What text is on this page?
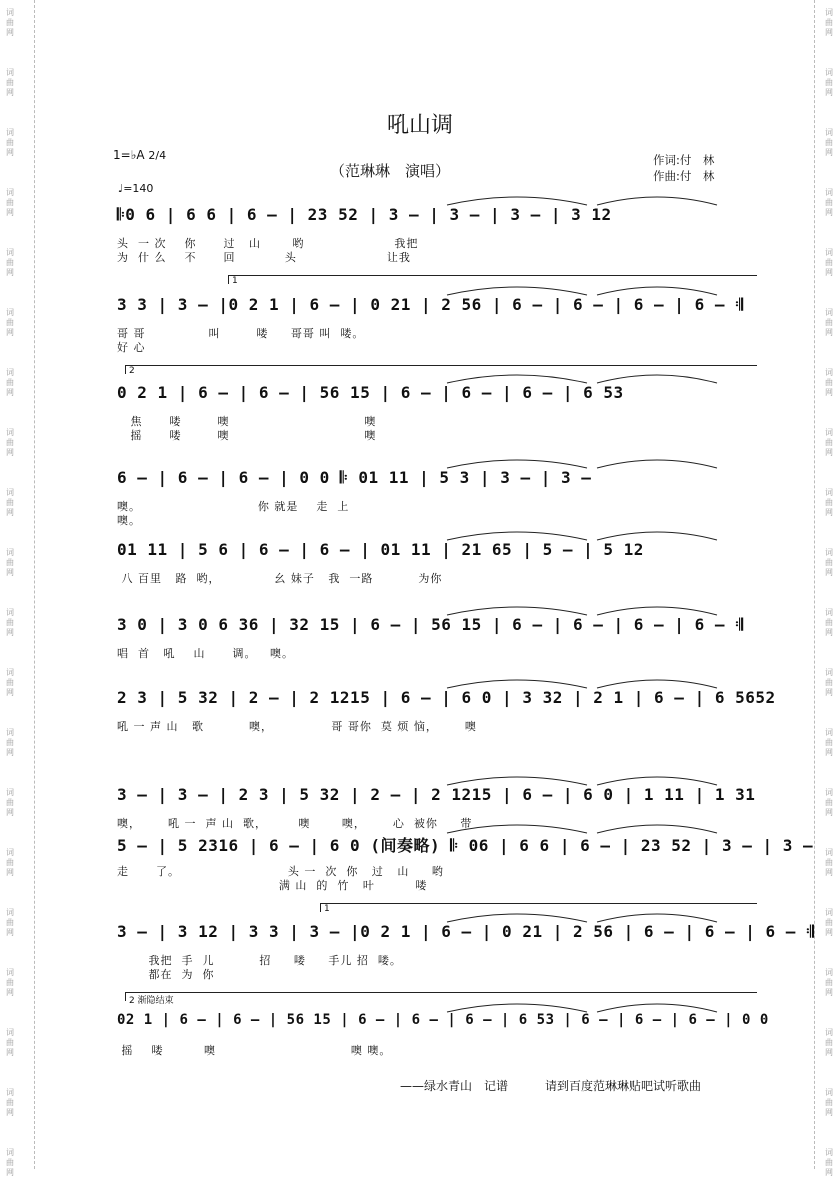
词
曲
网
词
曲
网
词
曲
网
词
曲
网
词
曲
网
词
曲
网
词
曲
网
词
曲
网
词
曲
网
词
曲
网
词
曲
网
词
曲
网
词
曲
网
词
曲
网
词
曲
网
词
曲
网
词
曲
网
词
曲
网
词
曲
网
词
曲
网
词
曲
网
词
曲
网
词
曲
网
词
曲
网
词
曲
网
词
曲
网
词
曲
网
词
曲
网
词
曲
网
词
曲
网
词
曲
网
词
曲
网
词
曲
网
词
曲
网
词
曲
网
词
曲
网
词
曲
网
词
曲
网
词
曲
网
词
曲
网
吼山调
（范琳琳　演唱）
作词:付　林
作曲:付　林
1=♭A 2/4
♩=140
𝄆0 6 | 6 6 | 6 — | 23 52 | 3 — | 3 — | 3 — | 3 12
头  一 次    你      过   山       哟                    我把
为  什 么    不      回           头                    让我
3 3 | 3 — |0 2 1 | 6 — | 0 21 | 2 56 | 6 — | 6 — | 6 — | 6 — 𝄇
哥 哥              叫        喽     哥哥 叫  喽。
好 心
0 2 1 | 6 — | 6 — | 56 15 | 6 — | 6 — | 6 — | 6 53
焦      喽        噢                              噢
摇      喽        噢                              噢
6 — | 6 — | 6 — | 0 0 𝄆 01 11 | 5 3 | 3 — | 3 —
噢。                          你 就是    走  上
噢。
01 11 | 5 6 | 6 — | 6 — | 01 11 | 21 65 | 5 — | 5 12
八 百里   路  哟，            幺 妹子   我  一路          为你
3 0 | 3 0 6 36 | 32 15 | 6 — | 56 15 | 6 — | 6 — | 6 — | 6 — 𝄇
唱  首   吼    山      调。   噢。
2 3 | 5 32 | 2 — | 2 1215 | 6 — | 6 0 | 3 32 | 2 1 | 6 — | 6 5652
吼 一 声 山   歌          噢，             哥 哥你  莫 烦 恼，      噢
3 — | 3 — | 2 3 | 5 32 | 2 — | 2 1215 | 6 — | 6 0 | 1 11 | 1 31
噢，      吼 一  声 山  歌，       噢       噢，      心  被你     带
5 — | 5 2316 | 6 — | 6 0 (间奏略) 𝄆 06 | 6 6 | 6 — | 23 52 | 3 — | 3 —
走      了。                        头 一  次  你   过   山     哟
满 山  的  竹   叶         喽
3 — | 3 12 | 3 3 | 3 — |0 2 1 | 6 — | 0 21 | 2 56 | 6 — | 6 — | 6 — 𝄇
我把  手  儿          招     喽     手儿 招  喽。
都在  为  你
02 1 | 6 — | 6 — | 56 15 | 6 — | 6 — | 6 — | 6 53 | 6 — | 6 — | 6 — | 0 0
摇    喽         噢                              噢 噢。
——绿水青山　记谱	请到百度范琳琳贴吧试听歌曲
1
2
1
2 渐隐结束
